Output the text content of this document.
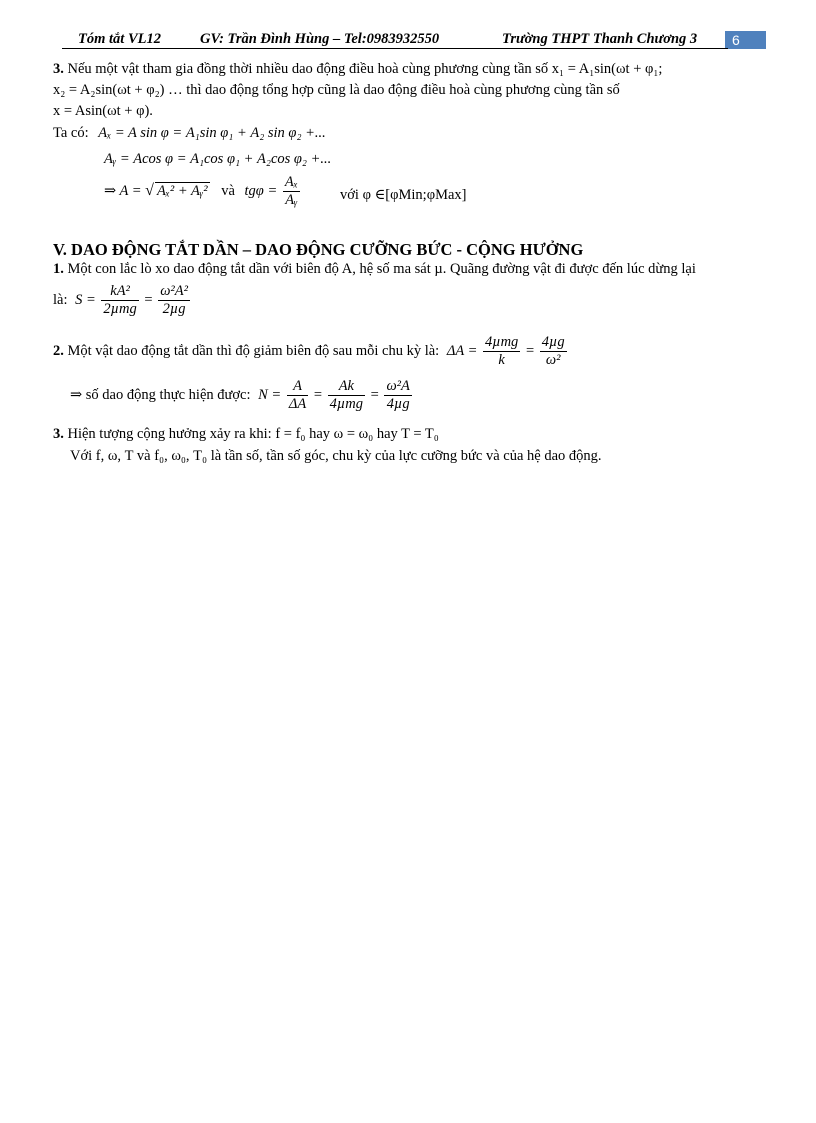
Tóm tắt VL12	GV: Trần Đình Hùng – Tel:0983932550	Trường THPT Thanh Chương 3	6
3. Nếu một vật tham gia đồng thời nhiều dao động điều hoà cùng phương cùng tần số x₁ = A₁sin(ωt + φ₁;
x₂ = A₂sin(ωt + φ₂) … thì dao động tổng hợp cũng là dao động điều hoà cùng phương cùng tần số
x = Asin(ωt + φ).
Ta có: Aₓ = A sin φ = A₁sin φ₁ + A₂ sin φ₂ +...
Aᵧ = Acos φ = A₁cos φ₁ + A₂cos φ₂ +...
⇒ A = √ Aₓ² + Aᵧ² và $tg\varphi = \frac{\text{Aₓ}}{\text{Aᵧ}}$	với φ ∈[φMin;φMax]
V. DAO ĐỘNG TẮT DẦN – DAO ĐỘNG CƯỠNG BỨC - CỘNG HƯỞNG
1. Một con lắc lò xo dao động tắt dần với biên độ A, hệ số ma sát µ. Quãng đường vật đi được đến lúc dừng lại
là: $S = \frac{\text{kA²}}{\text{2µmg}} = \frac{\text{ω²A²}}{\text{2µg}}$
2. Một vật dao động tắt dần thì độ giảm biên độ sau mỗi chu kỳ là: $\Delta A = \frac{\text{4µmg}}{k} = \frac{\text{4µg}}{\text{ω²}}$
⇒ số dao động thực hiện được: $N = \frac{A}{\Delta A} = \frac{Ak}{\text{4µmg}} = \frac{\text{ω²A}}{\text{4µg}}$
3. Hiện tượng cộng hưởng xảy ra khi: f = f₀ hay ω = ω₀ hay T = T₀
Với f, ω, T và f₀, ω₀, T₀ là tần số, tần số góc, chu kỳ của lực cưỡng bức và của hệ dao động.
